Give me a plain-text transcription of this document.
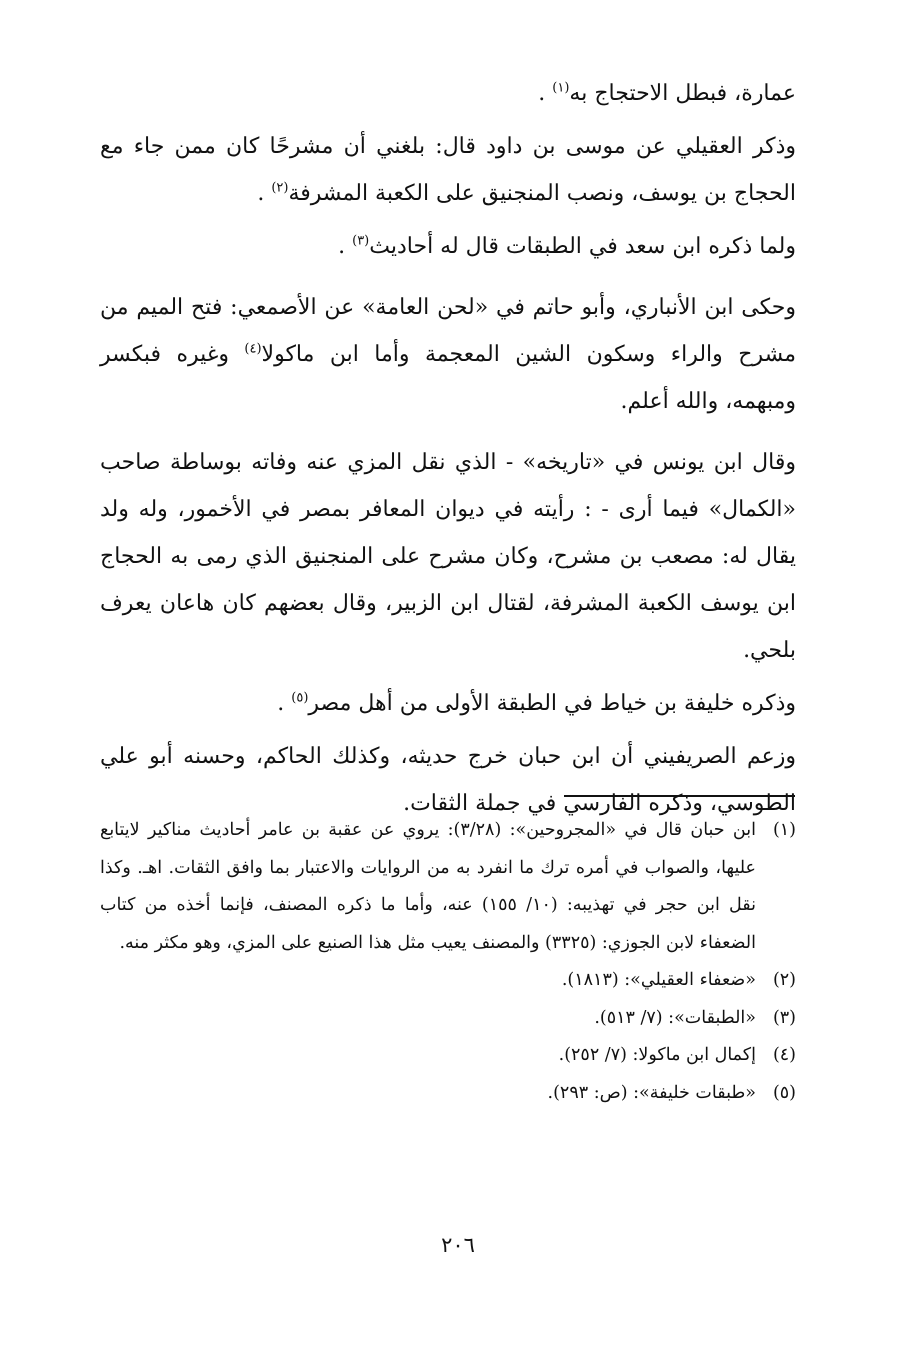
عمارة، فبطل الاحتجاج به$^{(١)}$ .

وذكر العقيلي عن موسى بن داود قال: بلغني أن مشرحًا كان ممن جاء مع الحجاج بن يوسف، ونصب المنجنيق على الكعبة المشرفة$^{(٢)}$ .

ولما ذكره ابن سعد في الطبقات قال له أحاديث$^{(٣)}$ .

وحكى ابن الأنباري، وأبو حاتم في «لحن العامة» عن الأصمعي: فتح الميم من مشرح والراء وسكون الشين المعجمة وأما ابن ماكولا$^{(٤)}$ وغيره فبكسر ومبهمه، والله أعلم.

وقال ابن يونس في «تاريخه» - الذي نقل المزي عنه وفاته بوساطة صاحب «الكمال» فيما أرى - : رأيته في ديوان المعافر بمصر في الأخمور، وله ولد يقال له: مصعب بن مشرح، وكان مشرح على المنجنيق الذي رمى به الحجاج ابن يوسف الكعبة المشرفة، لقتال ابن الزبير، وقال بعضهم كان هاعان يعرف بلحي.

وذكره خليفة بن خياط في الطبقة الأولى من أهل مصر$^{(٥)}$ .

وزعم الصريفيني أن ابن حبان خرج حديثه، وكذلك الحاكم، وحسنه أبو علي الطوسي، وذكره الفارسي في جملة الثقات.

(١)
ابن حبان قال في «المجروحين»: (٣/٢٨): يروي عن عقبة بن عامر أحاديث مناكير لايتابع عليها، والصواب في أمره ترك ما انفرد به من الروايات والاعتبار بما وافق الثقات. اهـ. وكذا نقل ابن حجر في تهذيبه: (١٠/ ١٥٥) عنه، وأما ما ذكره المصنف، فإنما أخذه من كتاب الضعفاء لابن الجوزي: (٣٣٢٥) والمصنف يعيب مثل هذا الصنيع على المزي، وهو مكثر منه.

(٢)
«ضعفاء العقيلي»: (١٨١٣).

(٣)
«الطبقات»: (٧/ ٥١٣).

(٤)
إكمال ابن ماكولا: (٧/ ٢٥٢).

(٥)
«طبقات خليفة»: (ص: ٢٩٣).

٢٠٦
